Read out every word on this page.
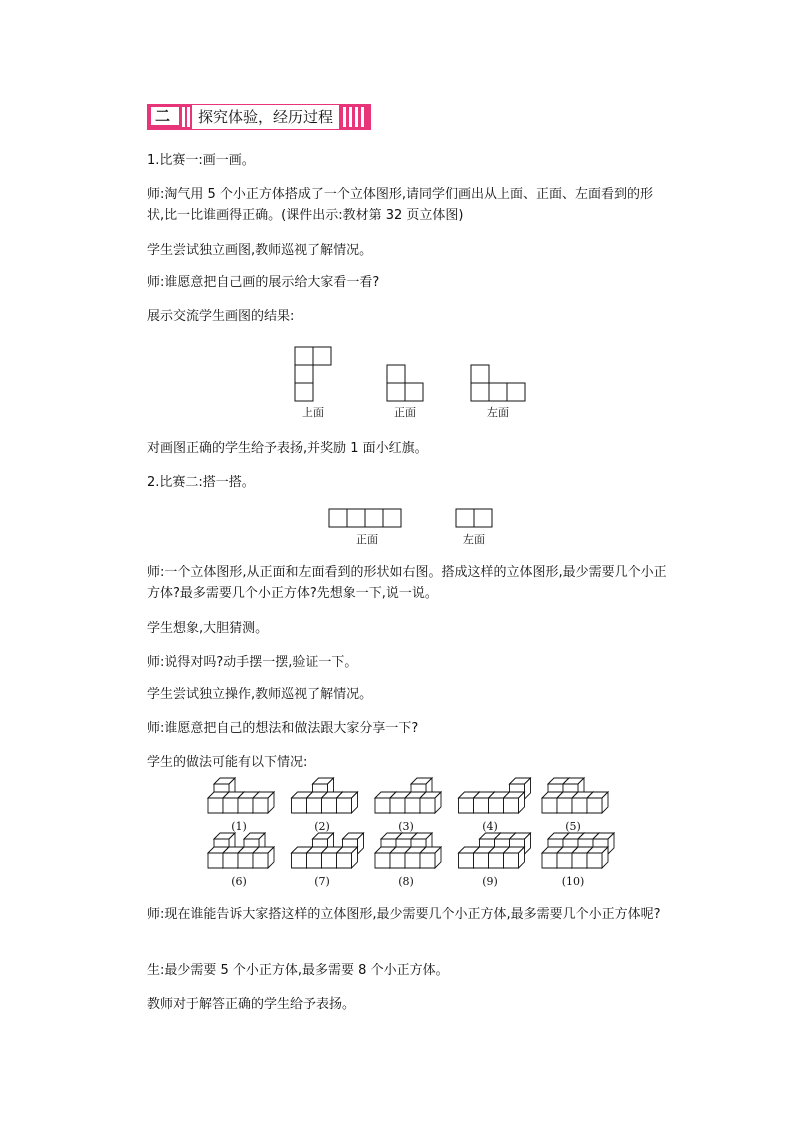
二	探究体验，经历过程

1.比赛一:画一画。

师:淘气用 5 个小正方体搭成了一个立体图形,请同学们画出从上面、正面、左面看到的形状,比一比谁画得正确。(课件出示:教材第 32 页立体图)

学生尝试独立画图,教师巡视了解情况。

师:谁愿意把自己画的展示给大家看一看?

展示交流学生画图的结果:

上面	正面	左面

对画图正确的学生给予表扬,并奖励 1 面小红旗。

2.比赛二:搭一搭。

正面	左面

师:一个立体图形,从正面和左面看到的形状如右图。搭成这样的立体图形,最少需要几个小正方体?最多需要几个小正方体?先想象一下,说一说。

学生想象,大胆猜测。

师:说得对吗?动手摆一摆,验证一下。

学生尝试独立操作,教师巡视了解情况。

师:谁愿意把自己的想法和做法跟大家分享一下?

学生的做法可能有以下情况:

(1)	(2)	(3)	(4)	(5)
(6)	(7)	(8)	(9)	(10)

师:现在谁能告诉大家搭这样的立体图形,最少需要几个小正方体,最多需要几个小正方体呢?

生:最少需要 5 个小正方体,最多需要 8 个小正方体。

教师对于解答正确的学生给予表扬。
